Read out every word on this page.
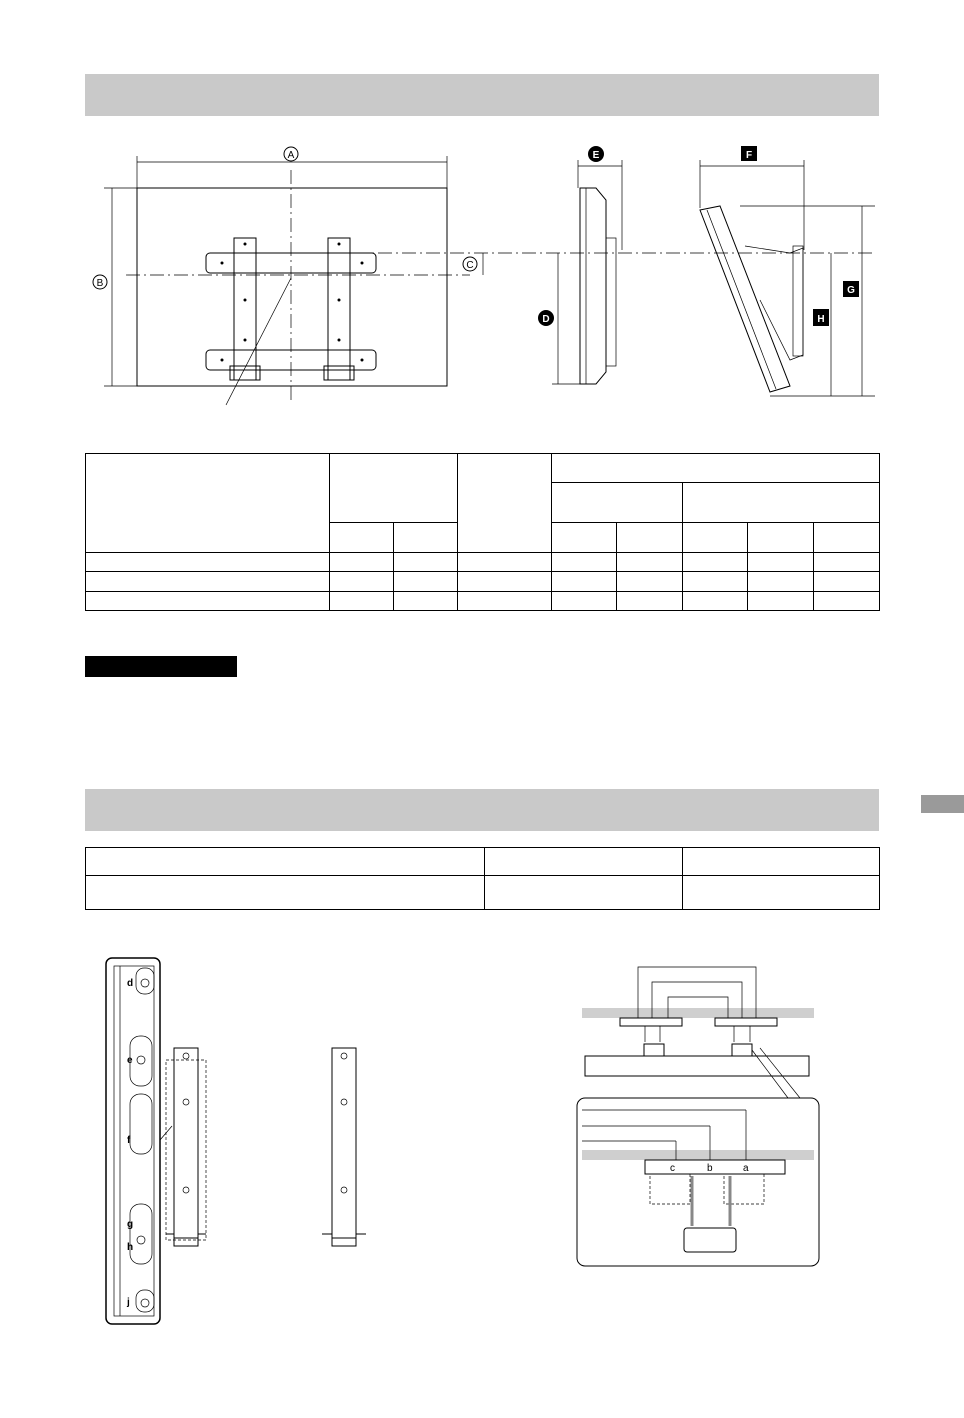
A
B
C
D
E	F
G
H

d
e
f
g
h
j
a
b
c
